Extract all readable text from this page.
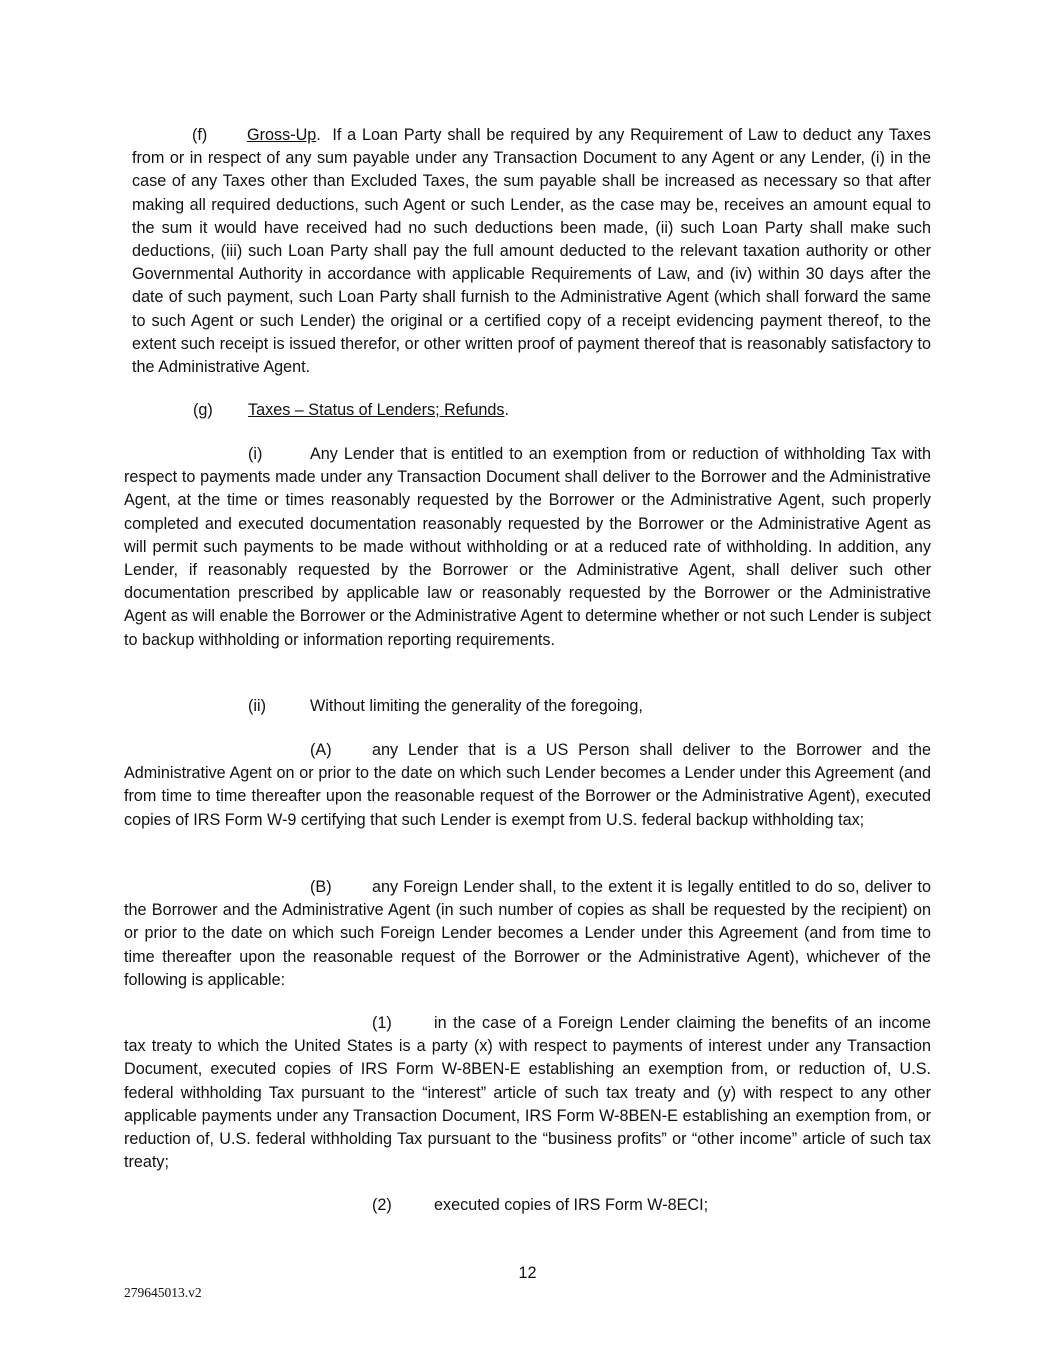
(f) Gross-Up. If a Loan Party shall be required by any Requirement of Law to deduct any Taxes from or in respect of any sum payable under any Transaction Document to any Agent or any Lender, (i) in the case of any Taxes other than Excluded Taxes, the sum payable shall be increased as necessary so that after making all required deductions, such Agent or such Lender, as the case may be, receives an amount equal to the sum it would have received had no such deductions been made, (ii) such Loan Party shall make such deductions, (iii) such Loan Party shall pay the full amount deducted to the relevant taxation authority or other Governmental Authority in accordance with applicable Requirements of Law, and (iv) within 30 days after the date of such payment, such Loan Party shall furnish to the Administrative Agent (which shall forward the same to such Agent or such Lender) the original or a certified copy of a receipt evidencing payment thereof, to the extent such receipt is issued therefor, or other written proof of payment thereof that is reasonably satisfactory to the Administrative Agent.

(g) Taxes – Status of Lenders; Refunds.

(i)	Any Lender that is entitled to an exemption from or reduction of withholding Tax with respect to payments made under any Transaction Document shall deliver to the Borrower and the Administrative Agent, at the time or times reasonably requested by the Borrower or the Administrative Agent, such properly completed and executed documentation reasonably requested by the Borrower or the Administrative Agent as will permit such payments to be made without withholding or at a reduced rate of withholding. In addition, any Lender, if reasonably requested by the Borrower or the Administrative Agent, shall deliver such other documentation prescribed by applicable law or reasonably requested by the Borrower or the Administrative Agent as will enable the Borrower or the Administrative Agent to determine whether or not such Lender is subject to backup withholding or information reporting requirements.

(ii)	Without limiting the generality of the foregoing,

(A) any Lender that is a US Person shall deliver to the Borrower and the Administrative Agent on or prior to the date on which such Lender becomes a Lender under this Agreement (and from time to time thereafter upon the reasonable request of the Borrower or the Administrative Agent), executed copies of IRS Form W-9 certifying that such Lender is exempt from U.S. federal backup withholding tax;

(B) any Foreign Lender shall, to the extent it is legally entitled to do so, deliver to the Borrower and the Administrative Agent (in such number of copies as shall be requested by the recipient) on or prior to the date on which such Foreign Lender becomes a Lender under this Agreement (and from time to time thereafter upon the reasonable request of the Borrower or the Administrative Agent), whichever of the following is applicable:

(1)	in the case of a Foreign Lender claiming the benefits of an income tax treaty to which the United States is a party (x) with respect to payments of interest under any Transaction Document, executed copies of IRS Form W-8BEN-E establishing an exemption from, or reduction of, U.S. federal withholding Tax pursuant to the “interest” article of such tax treaty and (y) with respect to any other applicable payments under any Transaction Document, IRS Form W-8BEN-E establishing an exemption from, or reduction of, U.S. federal withholding Tax pursuant to the “business profits” or “other income” article of such tax treaty;

(2)	executed copies of IRS Form W-8ECI;

12
279645013.v2
